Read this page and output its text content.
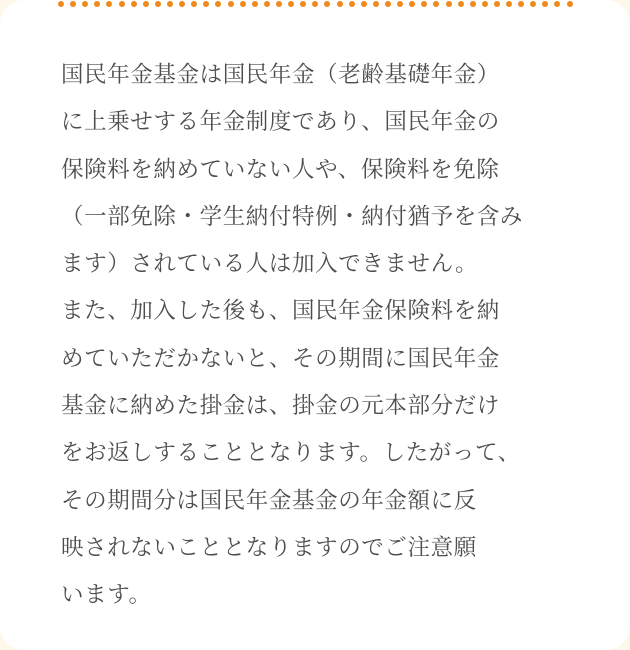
国民年金基金は国民年金（老齢基礎年金）
に上乗せする年金制度であり、国民年金の
保険料を納めていない人や、保険料を免除
（一部免除・学生納付特例・納付猶予を含み
ます）されている人は加入できません。
また、加入した後も、国民年金保険料を納
めていただかないと、その期間に国民年金
基金に納めた掛金は、掛金の元本部分だけ
をお返しすることとなります。したがって、
その期間分は国民年金基金の年金額に反
映されないこととなりますのでご注意願
います。
